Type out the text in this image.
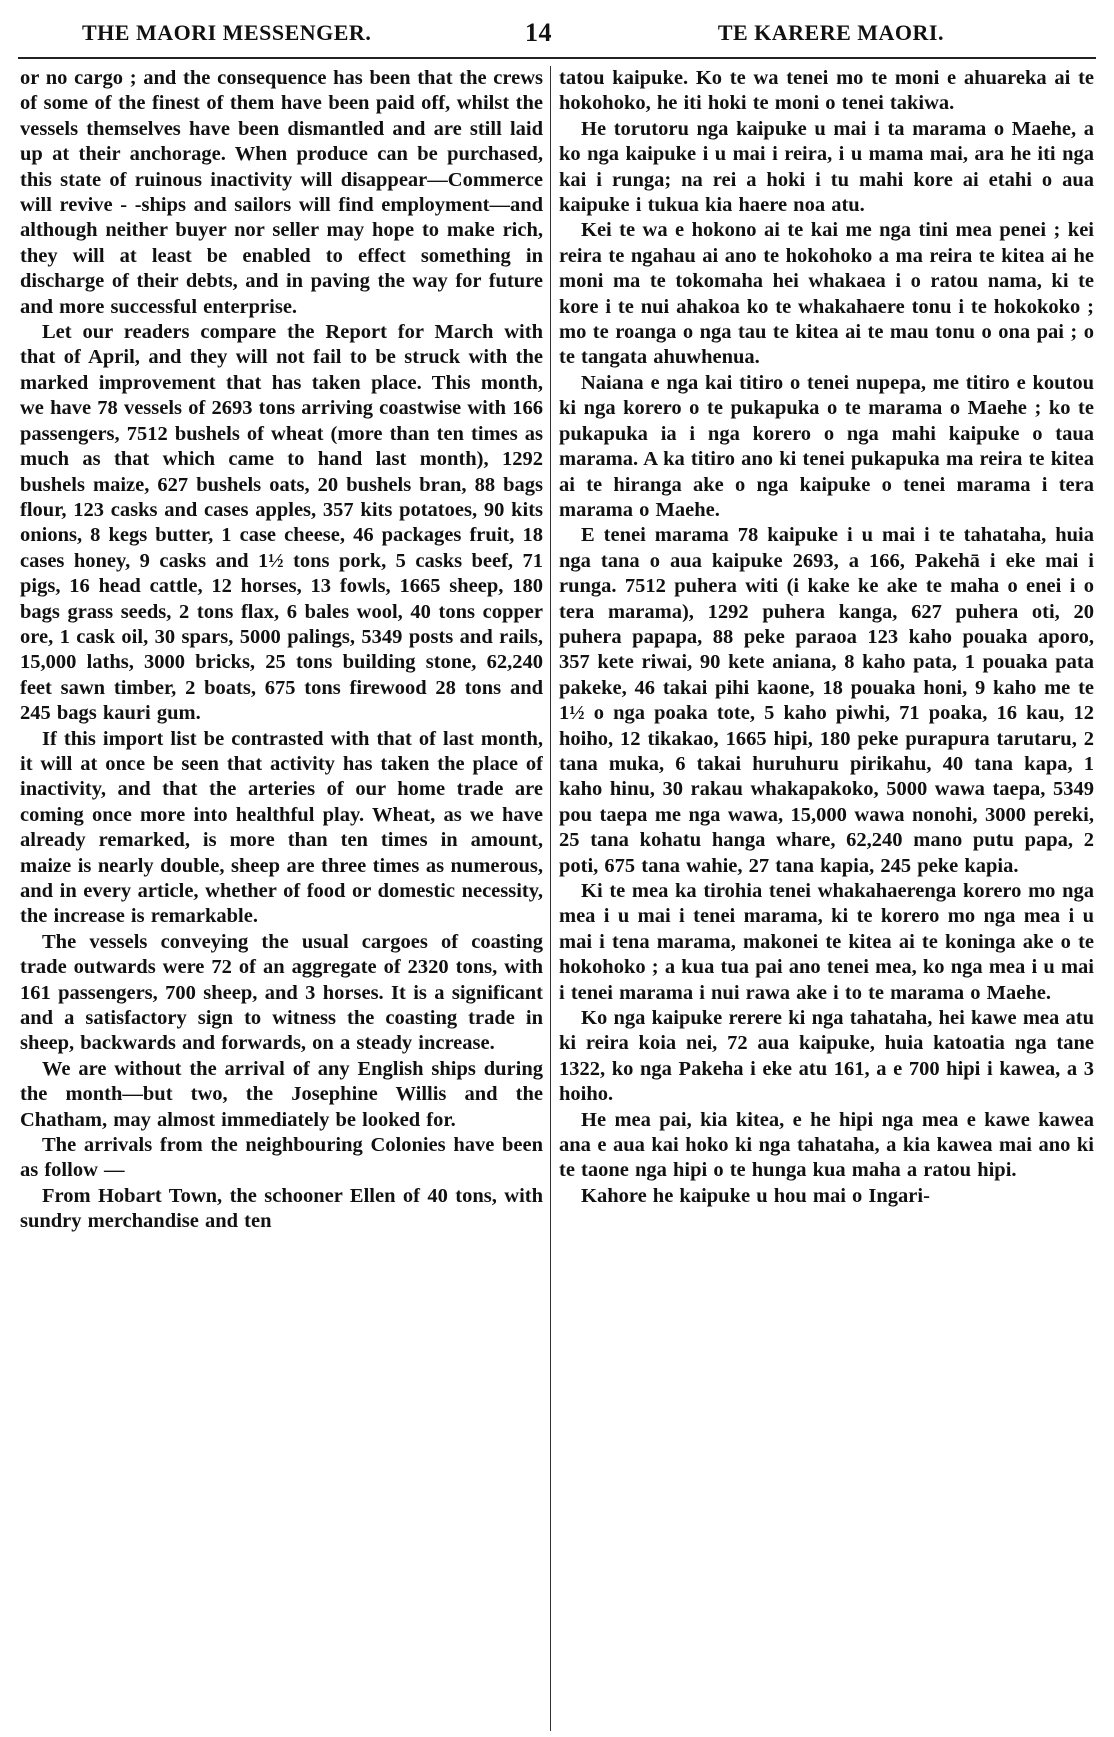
THE MAORI MESSENGER.	14	TE KARERE MAORI.

or no cargo ; and the consequence has been that the crews of some of the finest of them have been paid off, whilst the vessels themselves have been dismantled and are still laid up at their anchorage. When produce can be purchased, this state of ruinous inactivity will disappear—Commerce will revive - -ships and sailors will find employment—and although neither buyer nor seller may hope to make rich, they will at least be enabled to effect something in discharge of their debts, and in paving the way for future and more successful enterprise.

Let our readers compare the Report for March with that of April, and they will not fail to be struck with the marked improvement that has taken place. This month, we have 78 vessels of 2693 tons arriving coastwise with 166 passengers, 7512 bushels of wheat (more than ten times as much as that which came to hand last month), 1292 bushels maize, 627 bushels oats, 20 bushels bran, 88 bags flour, 123 casks and cases apples, 357 kits potatoes, 90 kits onions, 8 kegs butter, 1 case cheese, 46 packages fruit, 18 cases honey, 9 casks and 1½ tons pork, 5 casks beef, 71 pigs, 16 head cattle, 12 horses, 13 fowls, 1665 sheep, 180 bags grass seeds, 2 tons flax, 6 bales wool, 40 tons copper ore, 1 cask oil, 30 spars, 5000 palings, 5349 posts and rails, 15,000 laths, 3000 bricks, 25 tons building stone, 62,240 feet sawn timber, 2 boats, 675 tons firewood 28 tons and 245 bags kauri gum.

If this import list be contrasted with that of last month, it will at once be seen that activity has taken the place of inactivity, and that the arteries of our home trade are coming once more into healthful play. Wheat, as we have already remarked, is more than ten times in amount, maize is nearly double, sheep are three times as numerous, and in every article, whether of food or domestic necessity, the increase is remarkable.

The vessels conveying the usual cargoes of coasting trade outwards were 72 of an aggregate of 2320 tons, with 161 passengers, 700 sheep, and 3 horses. It is a significant and a satisfactory sign to witness the coasting trade in sheep, backwards and forwards, on a steady increase.

We are without the arrival of any English ships during the month—but two, the Josephine Willis and the Chatham, may almost immediately be looked for.

The arrivals from the neighbouring Colonies have been as follow —

From Hobart Town, the schooner Ellen of 40 tons, with sundry merchandise and ten

tatou kaipuke. Ko te wa tenei mo te moni e ahuareka ai te hokohoko, he iti hoki te moni o tenei takiwa.

He torutoru nga kaipuke u mai i ta marama o Maehe, a ko nga kaipuke i u mai i reira, i u mama mai, ara he iti nga kai i runga; na rei a hoki i tu mahi kore ai etahi o aua kaipuke i tukua kia haere noa atu.

Kei te wa e hokono ai te kai me nga tini mea penei ; kei reira te ngahau ai ano te hokohoko a ma reira te kitea ai he moni ma te tokomaha hei whakaea i o ratou nama, ki te kore i te nui ahakoa ko te whakahaere tonu i te hokokoko ; mo te roanga o nga tau te kitea ai te mau tonu o ona pai ; o te tangata ahuwhenua.

Naiana e nga kai titiro o tenei nupepa, me titiro e koutou ki nga korero o te pukapuka o te marama o Maehe ; ko te pukapuka ia i nga korero o nga mahi kaipuke o taua marama. A ka titiro ano ki tenei pukapuka ma reira te kitea ai te hiranga ake o nga kaipuke o tenei marama i tera marama o Maehe.

E tenei marama 78 kaipuke i u mai i te tahataha, huia nga tana o aua kaipuke 2693, a 166, Pakehā i eke mai i runga. 7512 puhera witi (i kake ke ake te maha o enei i o tera marama), 1292 puhera kanga, 627 puhera oti, 20 puhera papapa, 88 peke paraoa 123 kaho pouaka aporo, 357 kete riwai, 90 kete aniana, 8 kaho pata, 1 pouaka pata pakeke, 46 takai pihi kaone, 18 pouaka honi, 9 kaho me te 1½ o nga poaka tote, 5 kaho piwhi, 71 poaka, 16 kau, 12 hoiho, 12 tikakao, 1665 hipi, 180 peke purapura tarutaru, 2 tana muka, 6 takai huruhuru pirikahu, 40 tana kapa, 1 kaho hinu, 30 rakau whakapakoko, 5000 wawa taepa, 5349 pou taepa me nga wawa, 15,000 wawa nonohi, 3000 pereki, 25 tana kohatu hanga whare, 62,240 mano putu papa, 2 poti, 675 tana wahie, 27 tana kapia, 245 peke kapia.

Ki te mea ka tirohia tenei whakahaerenga korero mo nga mea i u mai i tenei marama, ki te korero mo nga mea i u mai i tena marama, makonei te kitea ai te koninga ake o te hokohoko ; a kua tua pai ano tenei mea, ko nga mea i u mai i tenei marama i nui rawa ake i to te marama o Maehe.

Ko nga kaipuke rerere ki nga tahataha, hei kawe mea atu ki reira koia nei, 72 aua kaipuke, huia katoatia nga tane 1322, ko nga Pakeha i eke atu 161, a e 700 hipi i kawea, a 3 hoiho.

He mea pai, kia kitea, e he hipi nga mea e kawe kawea ana e aua kai hoko ki nga tahataha, a kia kawea mai ano ki te taone nga hipi o te hunga kua maha a ratou hipi.

Kahore he kaipuke u hou mai o Ingari-
